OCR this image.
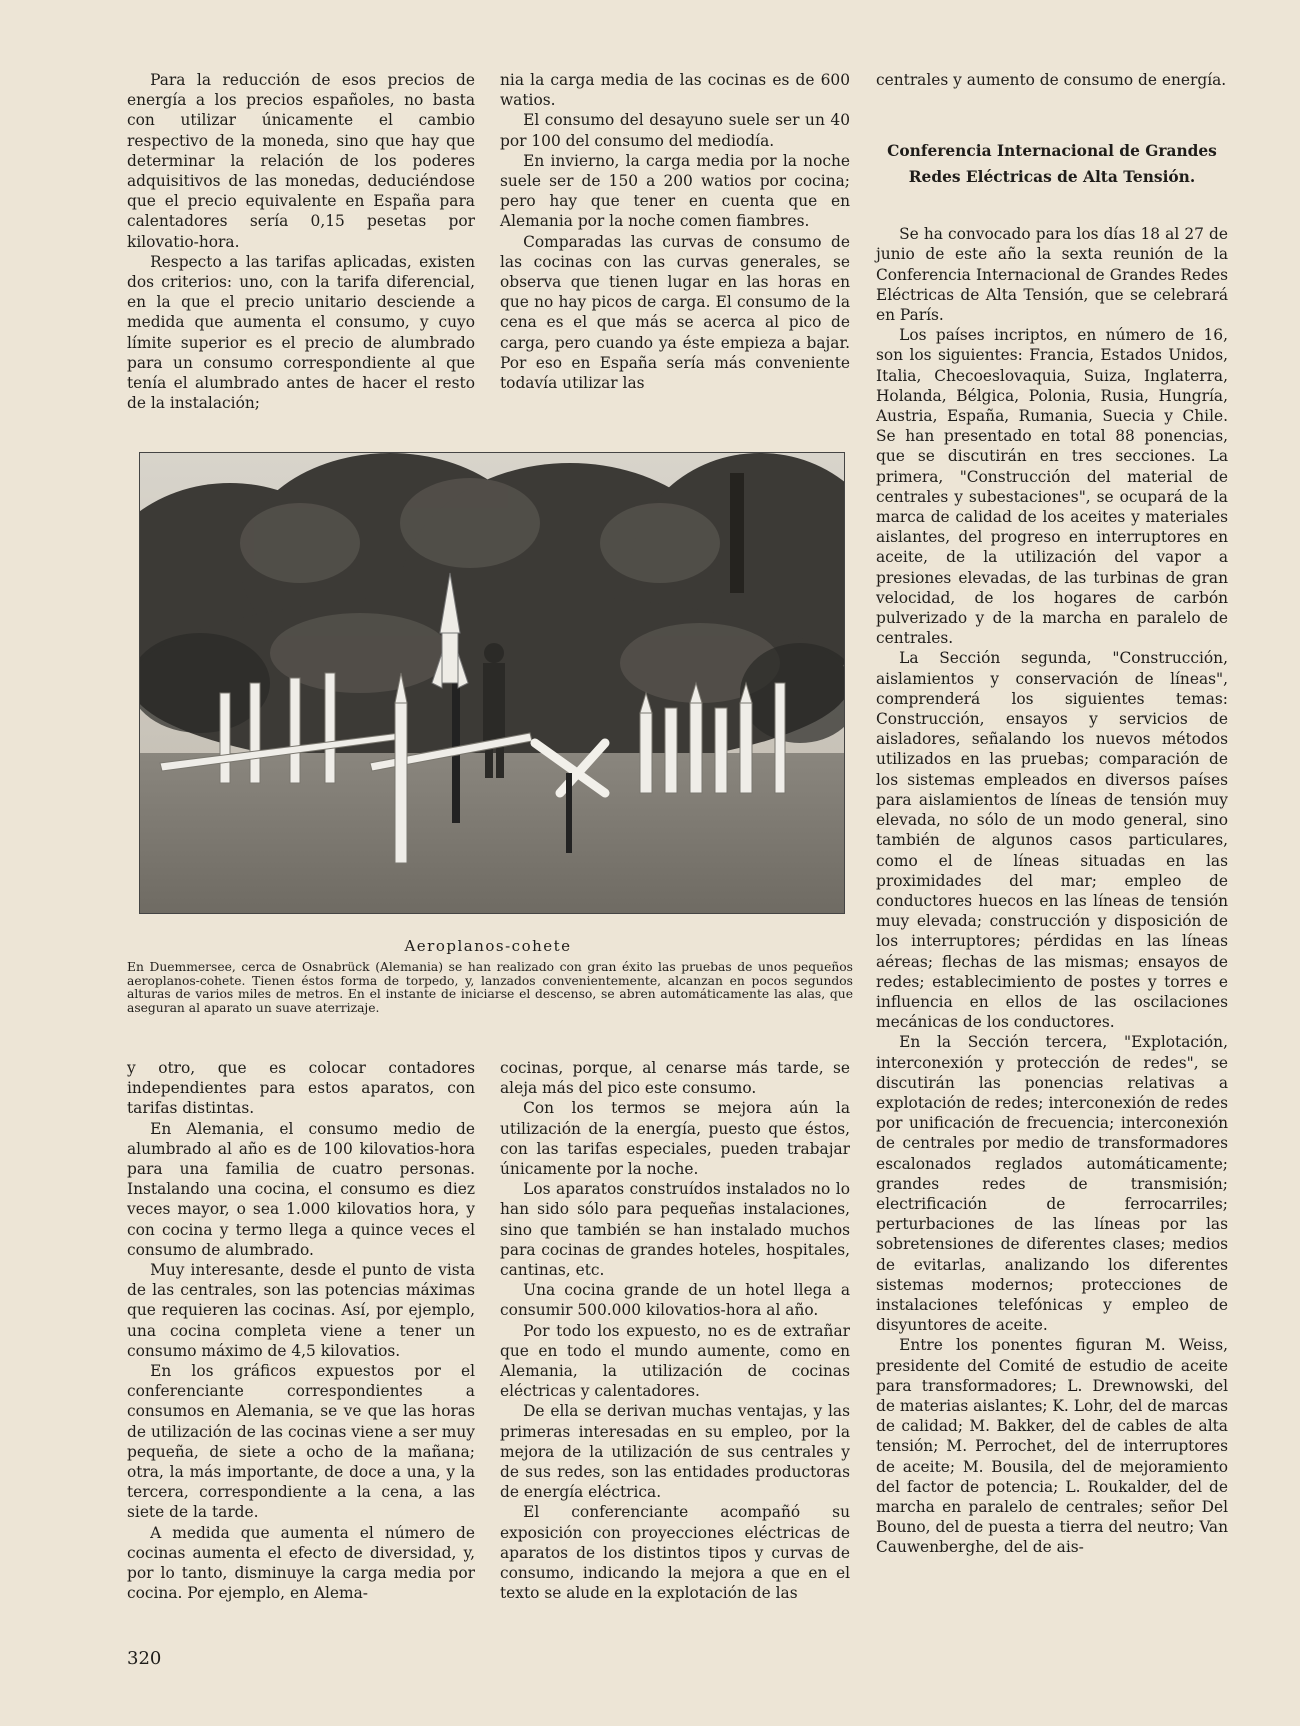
Para la reducción de esos precios de energía a los precios españoles, no basta con utilizar únicamente el cambio respectivo de la moneda, sino que hay que determinar la relación de los poderes adquisitivos de las monedas, deduciéndose que el precio equivalente en España para calentadores sería 0,15 pesetas por kilovatio-hora.

Respecto a las tarifas aplicadas, existen dos criterios: uno, con la tarifa diferencial, en la que el precio unitario desciende a medida que aumenta el consumo, y cuyo límite superior es el precio de alumbrado para un consumo correspondiente al que tenía el alumbrado antes de hacer el resto de la instalación;

nia la carga media de las cocinas es de 600 watios.

El consumo del desayuno suele ser un 40 por 100 del consumo del mediodía.

En invierno, la carga media por la noche suele ser de 150 a 200 watios por cocina; pero hay que tener en cuenta que en Alemania por la noche comen fiambres.

Comparadas las curvas de consumo de las cocinas con las curvas generales, se observa que tienen lugar en las horas en que no hay picos de carga. El consumo de la cena es el que más se acerca al pico de carga, pero cuando ya éste empieza a bajar. Por eso en España sería más conveniente todavía utilizar las

centrales y aumento de consumo de energía.

Conferencia Internacional de Grandes Redes Eléctricas de Alta Tensión.

Se ha convocado para los días 18 al 27 de junio de este año la sexta reunión de la Conferencia Internacional de Grandes Redes Eléctricas de Alta Tensión, que se celebrará en París.

Los países incriptos, en número de 16, son los siguientes: Francia, Estados Unidos, Italia, Checoeslovaquia, Suiza, Inglaterra, Holanda, Bélgica, Polonia, Rusia, Hungría, Austria, España, Rumania, Suecia y Chile. Se han presentado en total 88 ponencias, que se discutirán en tres secciones. La primera, "Construcción del material de centrales y subestaciones", se ocupará de la marca de calidad de los aceites y materiales aislantes, del progreso en interruptores en aceite, de la utilización del vapor a presiones elevadas, de las turbinas de gran velocidad, de los hogares de carbón pulverizado y de la marcha en paralelo de centrales.

La Sección segunda, "Construcción, aislamientos y conservación de líneas", comprenderá los siguientes temas: Construcción, ensayos y servicios de aisladores, señalando los nuevos métodos utilizados en las pruebas; comparación de los sistemas empleados en diversos países para aislamientos de líneas de tensión muy elevada, no sólo de un modo general, sino también de algunos casos particulares, como el de líneas situadas en las proximidades del mar; empleo de conductores huecos en las líneas de tensión muy elevada; construcción y disposición de los interruptores; pérdidas en las líneas aéreas; flechas de las mismas; ensayos de redes; establecimiento de postes y torres e influencia en ellos de las oscilaciones mecánicas de los conductores.

En la Sección tercera, "Explotación, interconexión y protección de redes", se discutirán las ponencias relativas a explotación de redes; interconexión de redes por unificación de frecuencia; interconexión de centrales por medio de transformadores escalonados reglados automáticamente; grandes redes de transmisión; electrificación de ferrocarriles; perturbaciones de las líneas por las sobretensiones de diferentes clases; medios de evitarlas, analizando los diferentes sistemas modernos; protecciones de instalaciones telefónicas y empleo de disyuntores de aceite.

Entre los ponentes figuran M. Weiss, presidente del Comité de estudio de aceite para transformadores; L. Drewnowski, del de materias aislantes; K. Lohr, del de marcas de calidad; M. Bakker, del de cables de alta tensión; M. Perrochet, del de interruptores de aceite; M. Bousila, del de mejoramiento del factor de potencia; L. Roukalder, del de marcha en paralelo de centrales; señor Del Bouno, del de puesta a tierra del neutro; Van Cauwenberghe, del de ais-

Aeroplanos-cohete
En Duemmersee, cerca de Osnabrück (Alemania) se han realizado con gran éxito las pruebas de unos pequeños aeroplanos-cohete. Tienen éstos forma de torpedo, y, lanzados convenientemente, alcanzan en pocos segundos alturas de varios miles de metros. En el instante de iniciarse el descenso, se abren automáticamente las alas, que aseguran al aparato un suave aterrizaje.

y otro, que es colocar contadores independientes para estos aparatos, con tarifas distintas.

En Alemania, el consumo medio de alumbrado al año es de 100 kilovatios-hora para una familia de cuatro personas. Instalando una cocina, el consumo es diez veces mayor, o sea 1.000 kilovatios hora, y con cocina y termo llega a quince veces el consumo de alumbrado.

Muy interesante, desde el punto de vista de las centrales, son las potencias máximas que requieren las cocinas. Así, por ejemplo, una cocina completa viene a tener un consumo máximo de 4,5 kilovatios.

En los gráficos expuestos por el conferenciante correspondientes a consumos en Alemania, se ve que las horas de utilización de las cocinas viene a ser muy pequeña, de siete a ocho de la mañana; otra, la más importante, de doce a una, y la tercera, correspondiente a la cena, a las siete de la tarde.

A medida que aumenta el número de cocinas aumenta el efecto de diversidad, y, por lo tanto, disminuye la carga media por cocina. Por ejemplo, en Alema-

cocinas, porque, al cenarse más tarde, se aleja más del pico este consumo.

Con los termos se mejora aún la utilización de la energía, puesto que éstos, con las tarifas especiales, pueden trabajar únicamente por la noche.

Los aparatos construídos instalados no lo han sido sólo para pequeñas instalaciones, sino que también se han instalado muchos para cocinas de grandes hoteles, hospitales, cantinas, etc.

Una cocina grande de un hotel llega a consumir 500.000 kilovatios-hora al año.

Por todo los expuesto, no es de extrañar que en todo el mundo aumente, como en Alemania, la utilización de cocinas eléctricas y calentadores.

De ella se derivan muchas ventajas, y las primeras interesadas en su empleo, por la mejora de la utilización de sus centrales y de sus redes, son las entidades productoras de energía eléctrica.

El conferenciante acompañó su exposición con proyecciones eléctricas de aparatos de los distintos tipos y curvas de consumo, indicando la mejora a que en el texto se alude en la explotación de las

320
